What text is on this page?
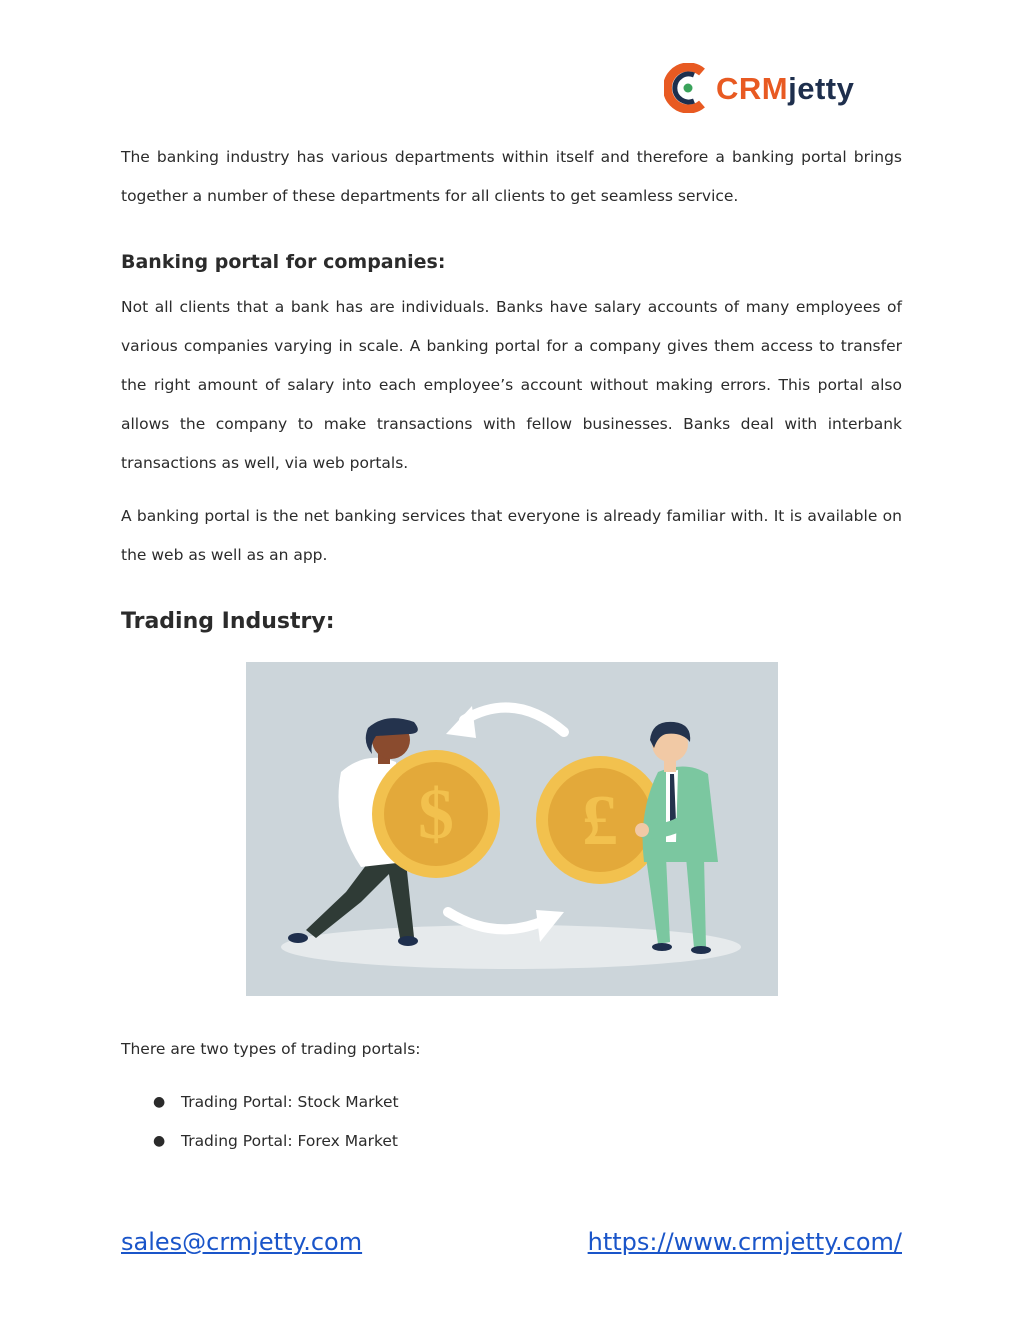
CRMjetty

The banking industry has various departments within itself and therefore a banking portal brings together a number of these departments for all clients to get seamless service.

Banking portal for companies:

Not all clients that a bank has are individuals. Banks have salary accounts of many employees of various companies varying in scale. A banking portal for a company gives them access to transfer the right amount of salary into each employee’s account without making errors. This portal also allows the company to make transactions with fellow businesses. Banks deal with interbank transactions as well, via web portals.

A banking portal is the net banking services that everyone is already familiar with. It is available on the web as well as an app.

Trading Industry:
$ £

There are two types of trading portals:

● Trading Portal: Stock Market
● Trading Portal: Forex Market
sales@crmjetty.com	https://www.crmjetty.com/
